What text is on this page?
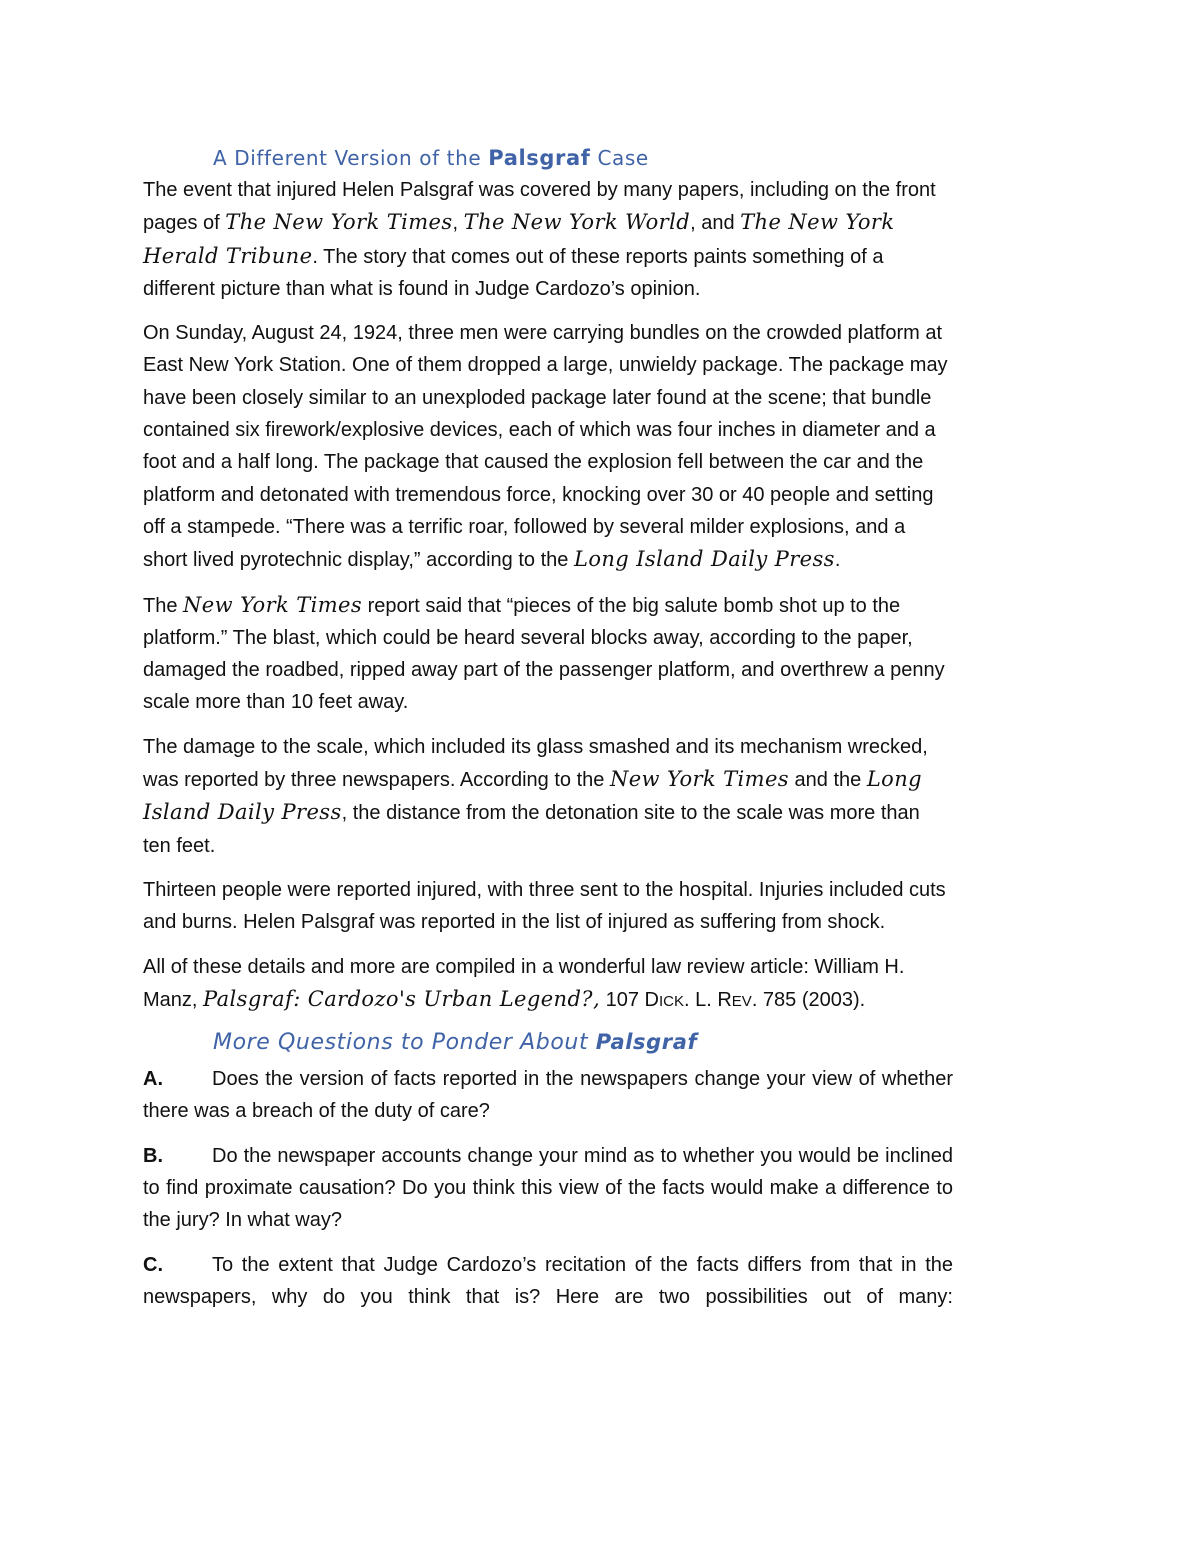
A Different Version of the Palsgraf Case

The event that injured Helen Palsgraf was covered by many papers, including on the front pages of The New York Times, The New York World, and The New York Herald Tribune. The story that comes out of these reports paints something of a different picture than what is found in Judge Cardozo’s opinion.

On Sunday, August 24, 1924, three men were carrying bundles on the crowded platform at East New York Station. One of them dropped a large, unwieldy package. The package may have been closely similar to an unexploded package later found at the scene; that bundle contained six firework/explosive devices, each of which was four inches in diameter and a foot and a half long. The package that caused the explosion fell between the car and the platform and detonated with tremendous force, knocking over 30 or 40 people and setting off a stampede. “There was a terrific roar, followed by several milder explosions, and a short lived pyrotechnic display,” according to the Long Island Daily Press.

The New York Times report said that “pieces of the big salute bomb shot up to the platform.” The blast, which could be heard several blocks away, according to the paper, damaged the roadbed, ripped away part of the passenger platform, and overthrew a penny scale more than 10 feet away.

The damage to the scale, which included its glass smashed and its mechanism wrecked, was reported by three newspapers. According to the New York Times and the Long Island Daily Press, the distance from the detonation site to the scale was more than ten feet.

Thirteen people were reported injured, with three sent to the hospital. Injuries included cuts and burns. Helen Palsgraf was reported in the list of injured as suffering from shock.

All of these details and more are compiled in a wonderful law review article: William H. Manz, Palsgraf: Cardozo's Urban Legend?, 107 DICK. L. REV. 785 (2003).

More Questions to Ponder About Palsgraf

A. Does the version of facts reported in the newspapers change your view of whether there was a breach of the duty of care?

B. Do the newspaper accounts change your mind as to whether you would be inclined to find proximate causation? Do you think this view of the facts would make a difference to the jury? In what way?

C. To the extent that Judge Cardozo’s recitation of the facts differs from that in the newspapers, why do you think that is? Here are two possibilities out of many:
